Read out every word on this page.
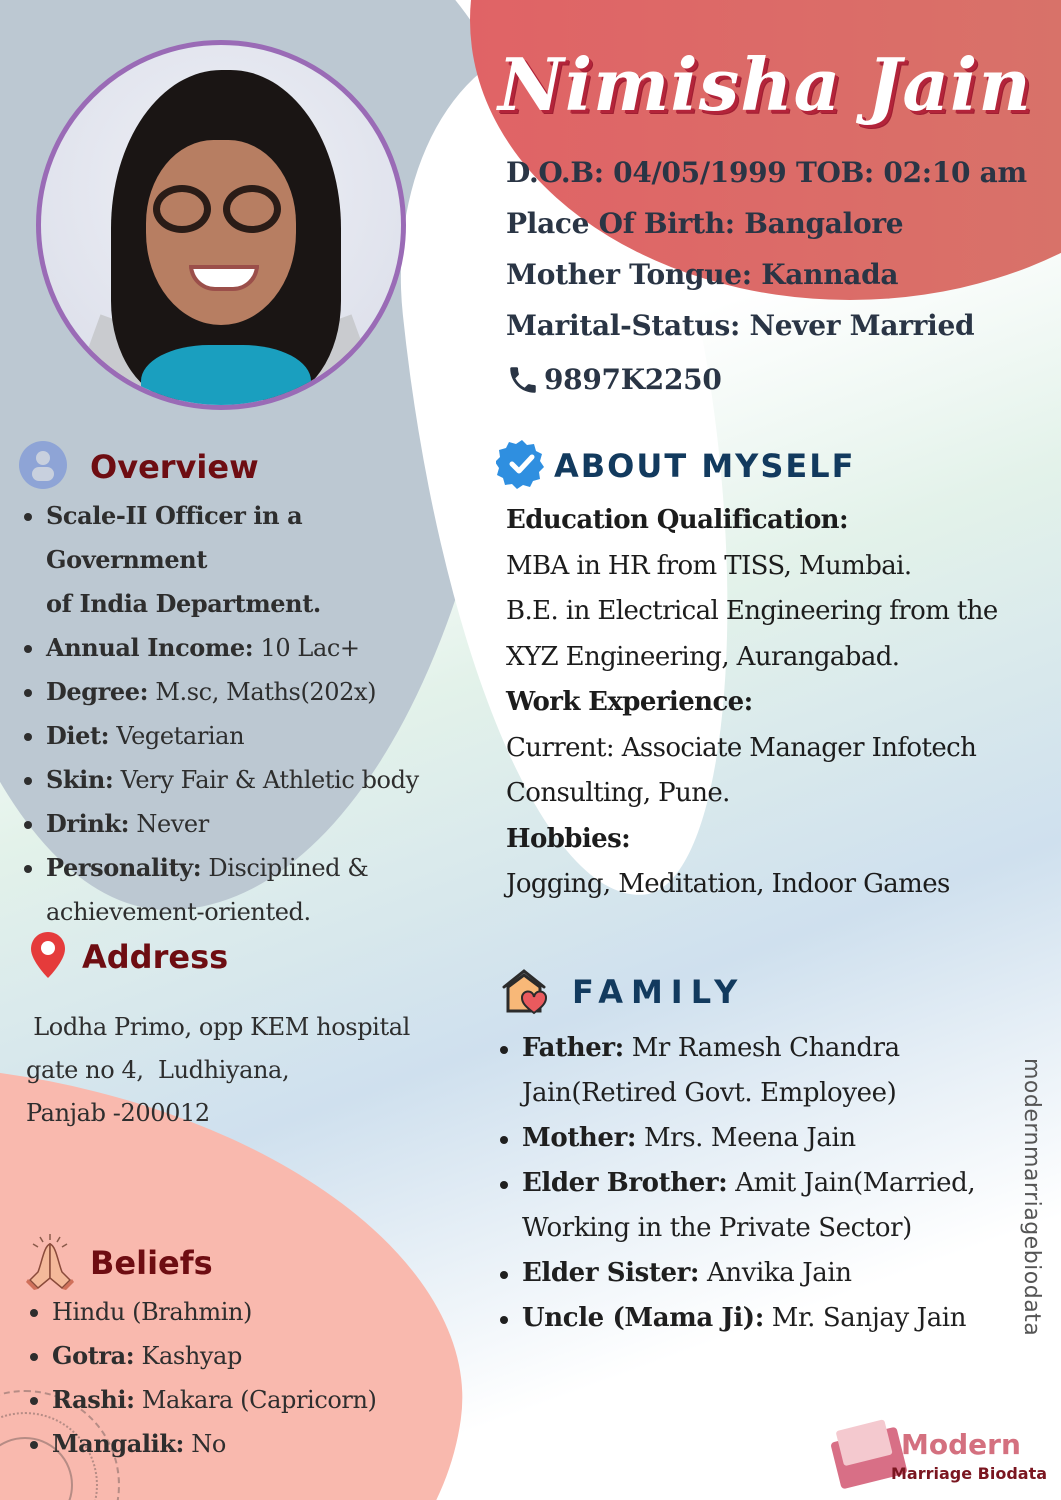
Nimisha Jain
D.O.B: 04/05/1999 TOB: 02:10 am
Place Of Birth: Bangalore
Mother Tongue: Kannada
Marital-Status: Never Married
9897K2250
Overview
Scale-II Officer in a Government
of India Department.
Annual Income: 10 Lac+
Degree: M.sc, Maths(202x)
Diet: Vegetarian
Skin: Very Fair & Athletic body
Drink: Never
Personality: Disciplined &
achievement-oriented.
ABOUT MYSELF

Education Qualification:

MBA in HR from TISS, Mumbai.

B.E. in Electrical Engineering from the

XYZ Engineering, Aurangabad.

Work Experience:

Current: Associate Manager Infotech

Consulting, Pune.

Hobbies:

Jogging, Meditation, Indoor Games

Address
Lodha Primo, opp KEM hospital
gate no 4,  Ludhiyana,
Panjab -200012
FAMILY
Father: Mr Ramesh Chandra
Jain(Retired Govt. Employee)
Mother: Mrs. Meena Jain
Elder Brother: Amit Jain(Married,
Working in the Private Sector)
Elder Sister: Anvika Jain
Uncle (Mama Ji): Mr. Sanjay Jain
Beliefs
Hindu (Brahmin)
Gotra: Kashyap
Rashi: Makara (Capricorn)
Mangalik: No
modernmarriagebiodata
Modern
Marriage Biodata
